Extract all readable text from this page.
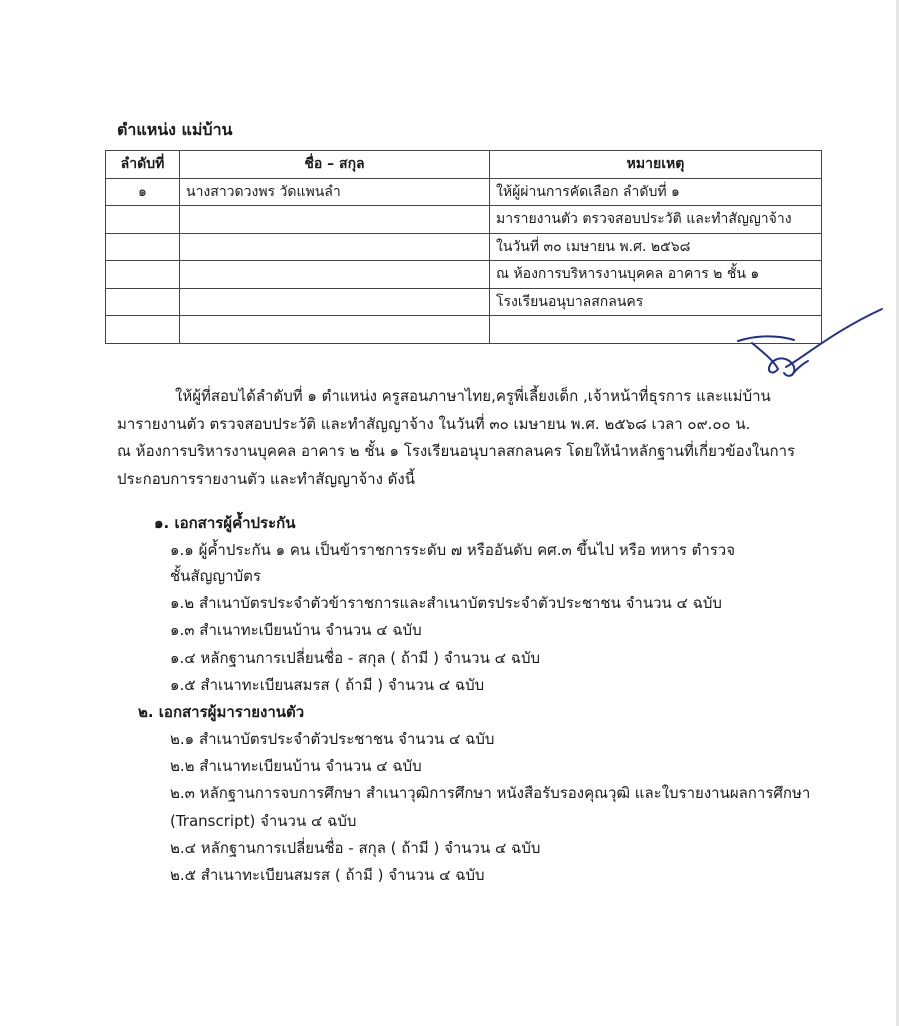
ตำแหน่ง แม่บ้าน
ลำดับที่	ชื่อ – สกุล	หมายเหตุ
๑	นางสาวดวงพร วัดแพนลำ	ให้ผู้ผ่านการคัดเลือก ลำดับที่ ๑
		มารายงานตัว ตรวจสอบประวัติ และทำสัญญาจ้าง
		ในวันที่ ๓๐ เมษายน พ.ศ. ๒๕๖๘
		ณ ห้องการบริหารงานบุคคล อาคาร ๒ ชั้น ๑
		โรงเรียนอนุบาลสกลนคร

ให้ผู้ที่สอบได้ลำดับที่ ๑ ตำแหน่ง ครูสอนภาษาไทย,ครูพี่เลี้ยงเด็ก ,เจ้าหน้าที่ธุรการ และแม่บ้าน
มารายงานตัว ตรวจสอบประวัติ และทำสัญญาจ้าง ในวันที่ ๓๐ เมษายน พ.ศ. ๒๕๖๘ เวลา ๐๙.๐๐ น.
ณ ห้องการบริหารงานบุคคล อาคาร ๒ ชั้น ๑ โรงเรียนอนุบาลสกลนคร โดยให้นำหลักฐานที่เกี่ยวข้องในการ
ประกอบการรายงานตัว และทำสัญญาจ้าง ดังนี้
๑. เอกสารผู้ค้ำประกัน
๑.๑ ผู้ค้ำประกัน ๑ คน เป็นข้าราชการระดับ ๗ หรืออันดับ คศ.๓ ขึ้นไป หรือ ทหาร ตำรวจ
ชั้นสัญญาบัตร
๑.๒ สำเนาบัตรประจำตัวข้าราชการและสำเนาบัตรประจำตัวประชาชน จำนวน ๔ ฉบับ
๑.๓ สำเนาทะเบียนบ้าน จำนวน ๔ ฉบับ
๑.๔ หลักฐานการเปลี่ยนชื่อ - สกุล ( ถ้ามี ) จำนวน ๔ ฉบับ
๑.๕ สำเนาทะเบียนสมรส ( ถ้ามี ) จำนวน ๔ ฉบับ
๒. เอกสารผู้มารายงานตัว
๒.๑ สำเนาบัตรประจำตัวประชาชน จำนวน ๔ ฉบับ
๒.๒ สำเนาทะเบียนบ้าน จำนวน ๔ ฉบับ
๒.๓ หลักฐานการจบการศึกษา สำเนาวุฒิการศึกษา หนังสือรับรองคุณวุฒิ และใบรายงานผลการศึกษา
(Transcript) จำนวน ๔ ฉบับ
๒.๔ หลักฐานการเปลี่ยนชื่อ - สกุล ( ถ้ามี ) จำนวน ๔ ฉบับ
๒.๕ สำเนาทะเบียนสมรส ( ถ้ามี ) จำนวน ๔ ฉบับ
